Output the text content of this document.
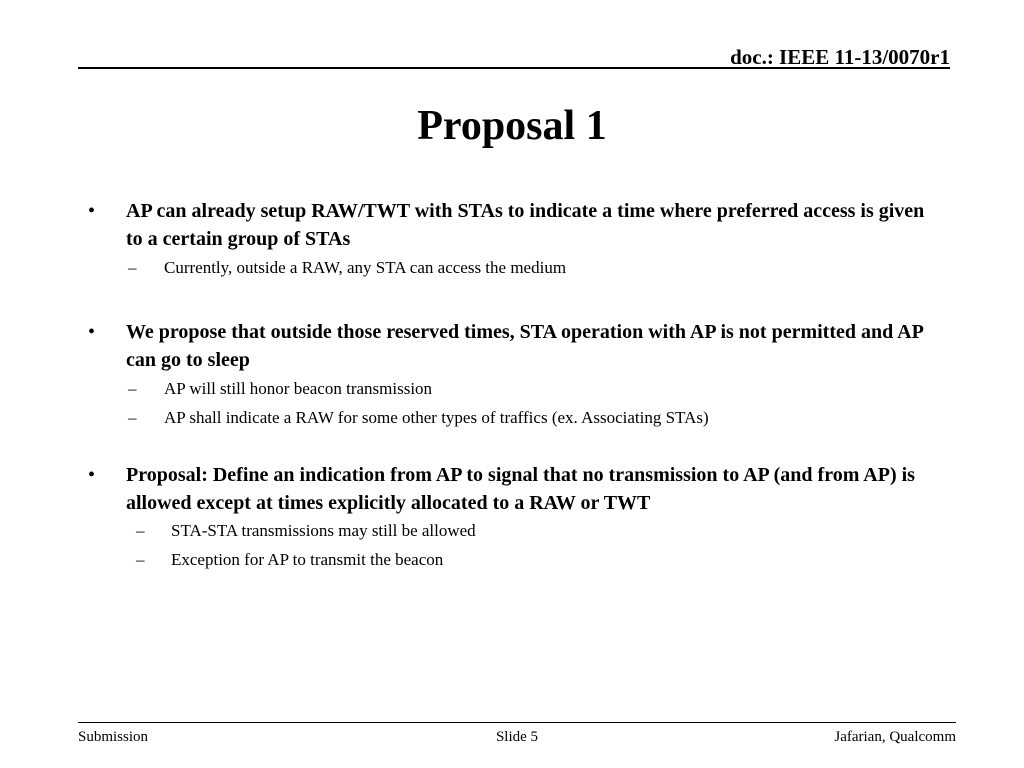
doc.: IEEE 11-13/0070r1
Proposal 1
• AP can already setup RAW/TWT with STAs to indicate a time where preferred access is given to a certain group of STAs
– Currently, outside a RAW, any STA can access the medium
• We propose that outside those reserved times, STA operation with AP is not permitted and AP can go to sleep
– AP will still honor beacon transmission
– AP shall indicate a RAW for some other types of traffics (ex. Associating STAs)
• Proposal: Define an indication from AP to signal that no transmission to AP (and from AP) is allowed except at times explicitly allocated to a RAW or TWT
– STA-STA transmissions may still be allowed
– Exception for AP to transmit the beacon
Submission	Slide 5	Jafarian, Qualcomm
